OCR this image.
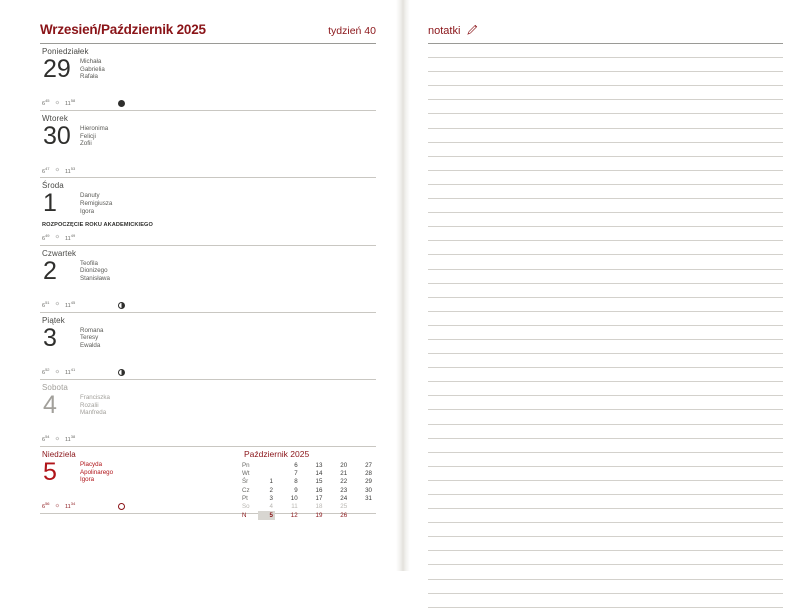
Wrzesień/Październik 2025	tydzień 40
Poniedziałek
29 Michała
Gabrielia
Rafała
$6^{45}$ ☼ $11^{58}$
Wtorek
30 Hieronima
Felicji
Zofii
$6^{47}$ ☼ $11^{53}$
Środa
1	Danuty
Remigiusza
Igora
ROZPOCZĘCIE ROKU AKADEMICKIEGO
$6^{49}$ ☼ $11^{49}$
Czwartek
2	Teofila
Dionizego
Stanisława
$6^{51}$ ☼ $11^{45}$
Piątek
3	Romana
Teresy
Ewalda
$6^{52}$ ☼ $11^{41}$
Sobota
4	Franciszka
Rozalii
Manfreda
$6^{54}$ ☼ $11^{38}$
Niedziela
5	Placyda
Apolinarego
Igora
$6^{56}$ ☼ $11^{34}$
Październik 2025
Pn		6	13	20	27
Wt		7	14	21	28
Śr	1	8	15	22	29
Cz	2	9	16	23	30
Pt	3	10	17	24	31
So	4	11	18	25	
N	5	12	19	26	
notatki
